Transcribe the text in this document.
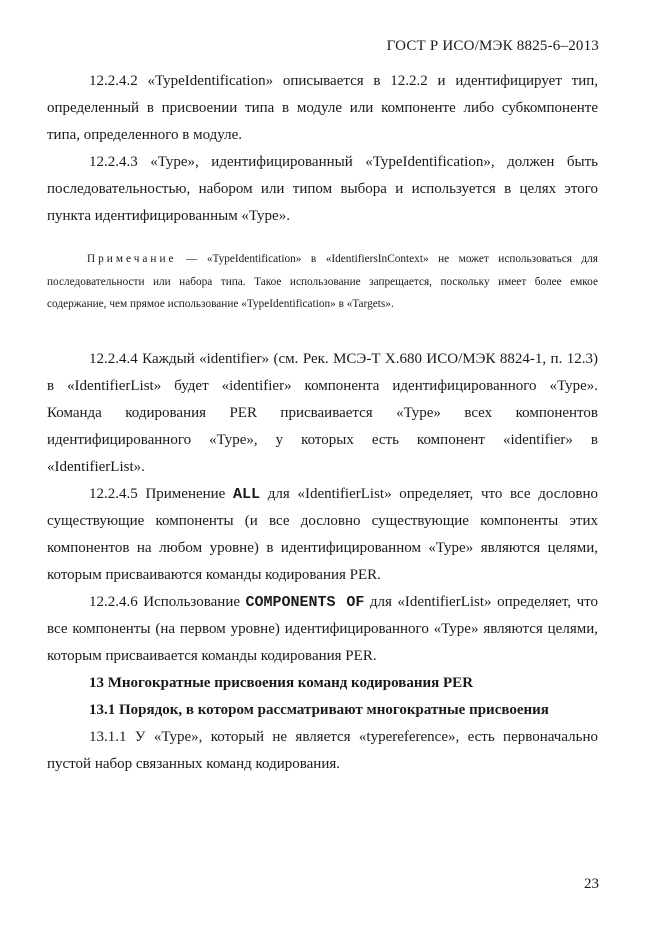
ГОСТ Р ИСО/МЭК 8825-6–2013

12.2.4.2 «TypeIdentification» описывается в 12.2.2 и идентифицирует тип, определенный в присвоении типа в модуле или компоненте либо субкомпоненте типа, определенного в модуле.

12.2.4.3 «Type», идентифицированный «TypeIdentification», должен быть последовательностью, набором или типом выбора и используется в целях этого пункта идентифицированным «Type».

Примечание — «TypeIdentification» в «IdentifiersInContext» не может использоваться для последовательности или набора типа. Такое использование запрещается, поскольку имеет более емкое содержание, чем прямое использование «TypeIdentification» в «Targets».

12.2.4.4 Каждый «identifier» (см. Рек. МСЭ-Т X.680 ИСО/МЭК 8824-1, п. 12.3) в «IdentifierList» будет «identifier» компонента идентифицированного «Type». Команда кодирования PER присваивается «Type» всех компонентов идентифицированного «Type», у которых есть компонент «identifier» в «IdentifierList».

12.2.4.5 Применение ALL для «IdentifierList» определяет, что все дословно существующие компоненты (и все дословно существующие компоненты этих компонентов на любом уровне) в идентифицированном «Type» являются целями, которым присваиваются команды кодирования PER.

12.2.4.6 Использование COMPONENTS OF для «IdentifierList» определяет, что все компоненты (на первом уровне) идентифицированного «Type» являются целями, которым присваивается команды кодирования PER.

13 Многократные присвоения команд кодирования PER
13.1 Порядок, в котором рассматривают многократные присвоения

13.1.1 У «Type», который не является «typereference», есть первоначально пустой набор связанных команд кодирования.

23
